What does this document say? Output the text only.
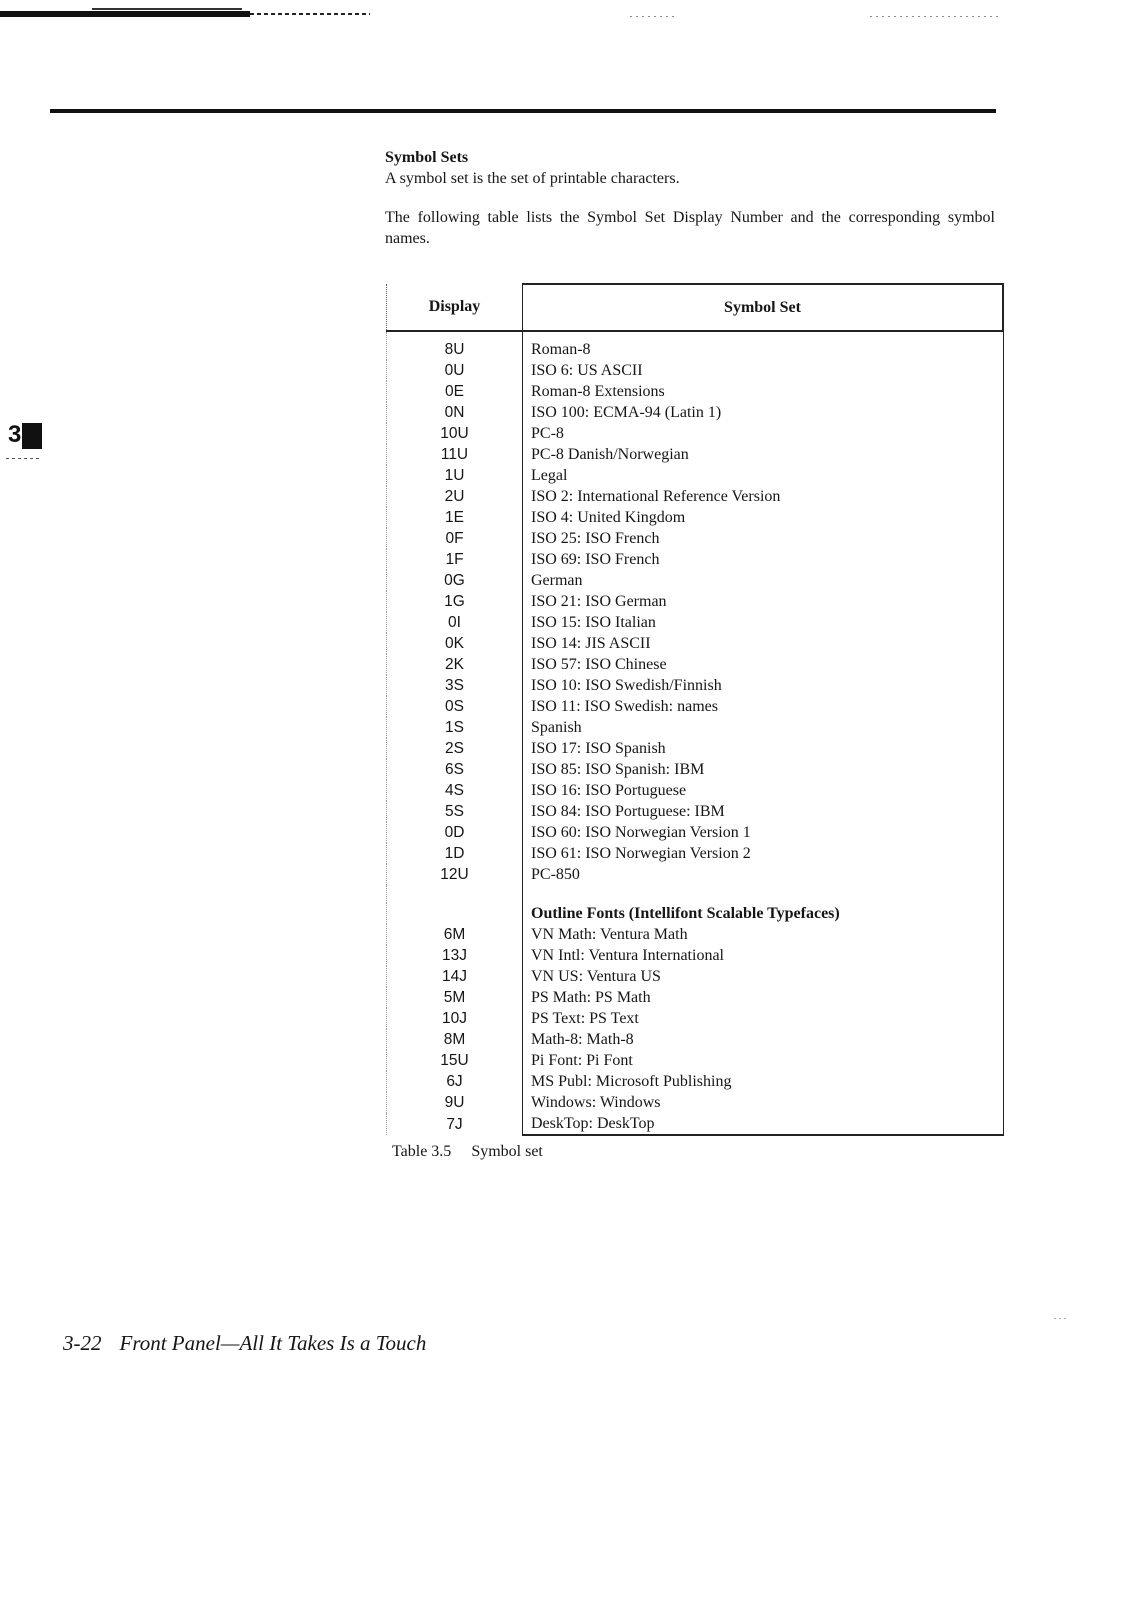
3

Symbol Sets

A symbol set is the set of printable characters.

The following table lists the Symbol Set Display Number and the corresponding symbol names.

Display	Symbol Set
8U	Roman-8
0U	ISO 6: US ASCII
0E	Roman-8 Extensions
0N	ISO 100: ECMA-94 (Latin 1)
10U	PC-8
11U	PC-8 Danish/Norwegian
1U	Legal
2U	ISO 2: International Reference Version
1E	ISO 4: United Kingdom
0F	ISO 25: ISO French
1F	ISO 69: ISO French
0G	German
1G	ISO 21: ISO German
0I	ISO 15: ISO Italian
0K	ISO 14: JIS ASCII
2K	ISO 57: ISO Chinese
3S	ISO 10: ISO Swedish/Finnish
0S	ISO 11: ISO Swedish: names
1S	Spanish
2S	ISO 17: ISO Spanish
6S	ISO 85: ISO Spanish: IBM
4S	ISO 16: ISO Portuguese
5S	ISO 84: ISO Portuguese: IBM
0D	ISO 60: ISO Norwegian Version 1
1D	ISO 61: ISO Norwegian Version 2
12U	PC-850

	Outline Fonts (Intellifont Scalable Typefaces)
6M	VN Math: Ventura Math
13J	VN Intl: Ventura International
14J	VN US: Ventura US
5M	PS Math: PS Math
10J	PS Text: PS Text
8M	Math-8: Math-8
15U	Pi Font: Pi Font
6J	MS Publ: Microsoft Publishing
9U	Windows: Windows
7J	DeskTop: DeskTop
Table 3.5 Symbol set
3-22 Front Panel—All It Takes Is a Touch
